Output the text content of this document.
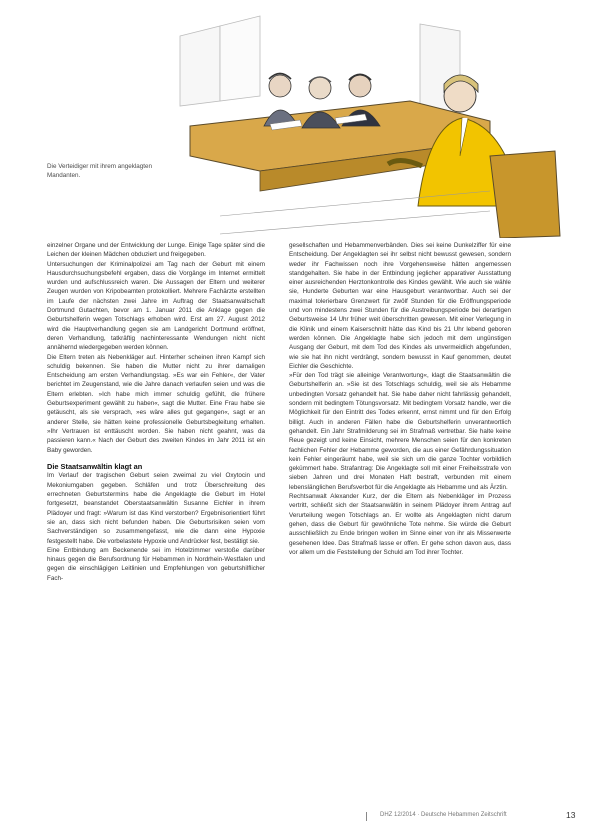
Die Verteidiger mit ihrem angeklagten Mandanten.

einzelner Organe und der Entwicklung der Lunge. Einige Tage später sind die Leichen der kleinen Mädchen obduziert und freigegeben.

Untersuchungen der Kriminalpolizei am Tag nach der Geburt mit einem Hausdurchsuchungsbefehl ergaben, dass die Vorgänge im Internet ermittelt wurden und aufschlussreich waren. Die Aussagen der Eltern und weiterer Zeugen wurden von Kripobeamten protokolliert. Mehrere Fachärzte erstellten im Laufe der nächsten zwei Jahre im Auftrag der Staatsanwaltschaft Dortmund Gutachten, bevor am 1. Januar 2011 die Anklage gegen die Geburtshelferin wegen Totschlags erhoben wird. Erst am 27. August 2012 wird die Hauptverhandlung gegen sie am Landgericht Dortmund eröffnet, deren Verhandlung, tatkräftig nachinteressante Wendungen nicht nicht annähernd wiedergegeben werden können.

Die Eltern treten als Nebenkläger auf. Hinterher scheinen ihren Kampf sich schuldig bekennen. Sie haben die Mutter nicht zu ihrer damaligen Entscheidung am ersten Verhandlungstag. »Es war ein Fehler«, der Vater berichtet im Zeugenstand, wie die Jahre danach verlaufen seien und was die Eltern erlebten. »Ich habe mich immer schuldig gefühlt, die frühere Geburtsexperiment gewählt zu haben«, sagt die Mutter. Eine Frau habe sie getäuscht, als sie versprach, »es wäre alles gut gegangen«, sagt er an anderer Stelle, sie hätten keine professionelle Geburtsbegleitung erhalten. »Ihr Vertrauen ist enttäuscht worden. Sie haben nicht geahnt, was da passieren kann.« Nach der Geburt des zweiten Kindes im Jahr 2011 ist ein Baby geworden.

Die Staatsanwältin klagt an

Im Verlauf der tragischen Geburt seien zweimal zu viel Oxytocin und Mekoniumgaben gegeben. Schläfen und trotz Überschreitung des errechneten Geburtstermins habe die Angeklagte die Geburt im Hotel fortgesetzt, beanstandet Oberstaatsanwältin Susanne Eichler in ihrem Plädoyer und fragt: »Warum ist das Kind verstorben? Ergebnisorientiert führt sie an, dass sich nicht befunden haben. Die Geburtsrisiken seien vom Sachverständigen so zusammengefasst, wie die dann eine Hypoxie festgestellt habe. Die vorbelastete Hypoxie und Andrücker fest, bestätigt sie.

Eine Entbindung am Beckenende sei im Hotelzimmer verstoße darüber hinaus gegen die Berufsordnung für Hebammen in Nordrhein-Westfalen und gegen die einschlägigen Leitlinien und Empfehlungen von geburtshilflicher Fach-

gesellschaften und Hebammenverbänden. Dies sei keine Dunkelziffer für eine Entscheidung. Der Angeklagten sei ihr selbst nicht bewusst gewesen, sondern weder ihr Fachwissen noch ihre Vorgehensweise hätten angemessen standgehalten. Sie habe in der Entbindung jeglicher apparativer Ausstattung einer ausreichenden Herztonkontrolle des Kindes gewählt. Wie auch sie wähle sie, Hunderte Geburten war eine Hausgeburt verantwortbar. Auch sei der maximal tolerierbare Grenzwert für zwölf Stunden für die Eröffnungsperiode und von mindestens zwei Stunden für die Austreibungsperiode bei derartigen Geburtsweise 14 Uhr früher weit überschritten gewesen. Mit einer Verlegung in die Klinik und einem Kaiserschnitt hätte das Kind bis 21 Uhr lebend geboren werden können. Die Angeklagte habe sich jedoch mit dem ungünstigen Ausgang der Geburt, mit dem Tod des Kindes als unvermeidlich abgefunden, wie sie hat ihn nicht verdrängt, sondern bewusst in Kauf genommen, deutet Eichler die Geschichte.

»Für den Tod trägt sie alleinige Verantwortung«, klagt die Staatsanwältin die Geburtshelferin an. »Sie ist des Totschlags schuldig, weil sie als Hebamme unbedingten Vorsatz gehandelt hat. Sie habe daher nicht fahrlässig gehandelt, sondern mit bedingtem Tötungsvorsatz. Mit bedingtem Vorsatz handle, wer die Möglichkeit für den Eintritt des Todes erkennt, ernst nimmt und für den Erfolg billigt. Auch in anderen Fällen habe die Geburtshelferin unverantwortlich gehandelt. Ein Jahr Strafmilderung sei im Strafmaß vertretbar. Sie halte keine Reue gezeigt und keine Einsicht, mehrere Menschen seien für den konkreten fachlichen Fehler der Hebamme geworden, die aus einer Gefährdungssituation kein Fehler eingeräumt habe, weil sie sich um die ganze Tochter vorbildlich gekümmert habe. Strafantrag: Die Angeklagte soll mit einer Freiheitsstrafe von sieben Jahren und drei Monaten Haft bestraft, verbunden mit einem lebenslänglichen Berufsverbot für die Angeklagte als Hebamme und als Ärztin.

Rechtsanwalt Alexander Kurz, der die Eltern als Nebenkläger im Prozess vertritt, schließt sich der Staatsanwältin in seinem Plädoyer ihrem Antrag auf Verurteilung wegen Totschlags an. Er wollte als Angeklagten nicht darum gehen, dass die Geburt für gewöhnliche Tote nehme. Sie würde die Geburt ausschließlich zu Ende bringen wollen im Sinne einer von ihr als Misserwerte gesehenen Idee. Das Strafmaß lasse er offen. Er gehe schon davon aus, dass vor allem um die Feststellung der Schuld am Tod ihrer Tochter.

DHZ 12/2014 · Deutsche Hebammen Zeitschrift	13
